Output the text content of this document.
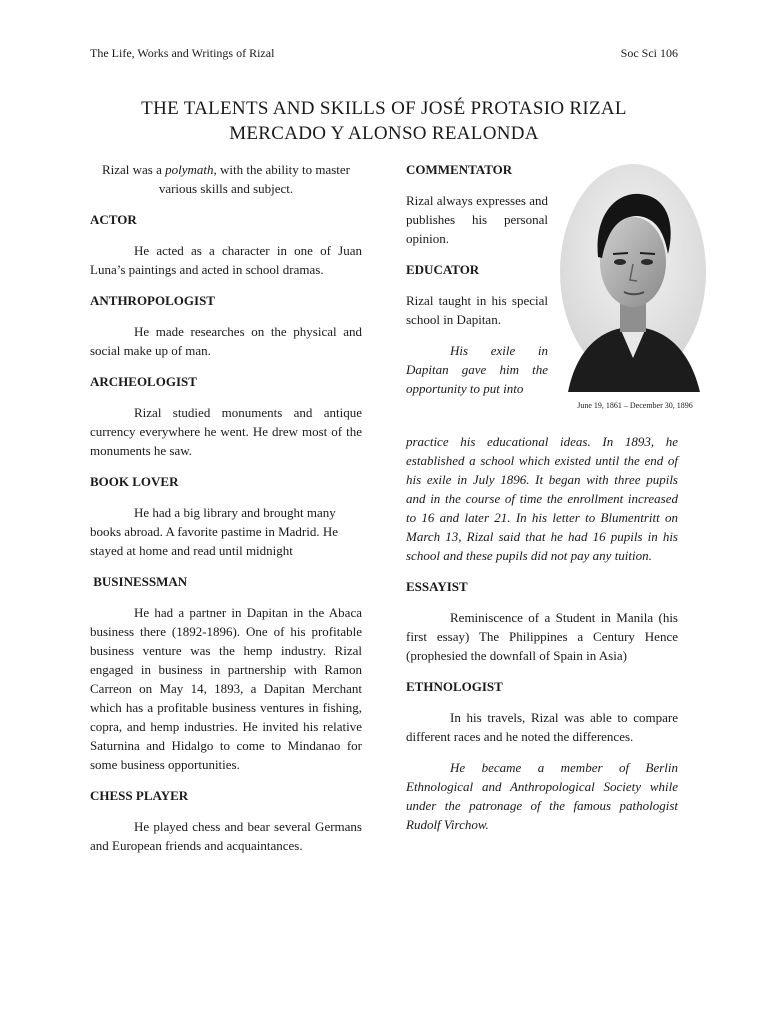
The Life, Works and Writings of Rizal	Soc Sci 106
THE TALENTS AND SKILLS OF JOSÉ PROTASIO RIZAL
MERCADO Y ALONSO REALONDA

Rizal was a polymath, with the ability to master various skills and subject.

ACTOR

He acted as a character in one of Juan Luna’s paintings and acted in school dramas.

ANTHROPOLOGIST

He made researches on the physical and social make up of man.

ARCHEOLOGIST

Rizal studied monuments and antique currency everywhere he went. He drew most of the monuments he saw.

BOOK LOVER

He had a big library and brought many books abroad. A favorite pastime in Madrid. He stayed at home and read until midnight

BUSINESSMAN

He had a partner in Dapitan in the Abaca business there (1892-1896). One of his profitable business venture was the hemp industry. Rizal engaged in business in partnership with Ramon Carreon on May 14, 1893, a Dapitan Merchant which has a profitable business ventures in fishing, copra, and hemp industries. He invited his relative Saturnina and Hidalgo to come to Mindanao for some business opportunities.

CHESS PLAYER

He played chess and bear several Germans and European friends and acquaintances.

COMMENTATOR

Rizal always expresses and publishes his personal opinion.

EDUCATOR

Rizal taught in his special school in Dapitan.

His exile in Dapitan gave him the opportunity to put into

June 19, 1861 – December 30, 1896

practice his educational ideas. In 1893, he established a school which existed until the end of his exile in July 1896. It began with three pupils and in the course of time the enrollment increased to 16 and later 21. In his letter to Blumentritt on March 13, Rizal said that he had 16 pupils in his school and these pupils did not pay any tuition.

ESSAYIST

Reminiscence of a Student in Manila (his first essay) The Philippines a Century Hence (prophesied the downfall of Spain in Asia)

ETHNOLOGIST

In his travels, Rizal was able to compare different races and he noted the differences.

He became a member of Berlin Ethnological and Anthropological Society while under the patronage of the famous pathologist Rudolf Virchow.
